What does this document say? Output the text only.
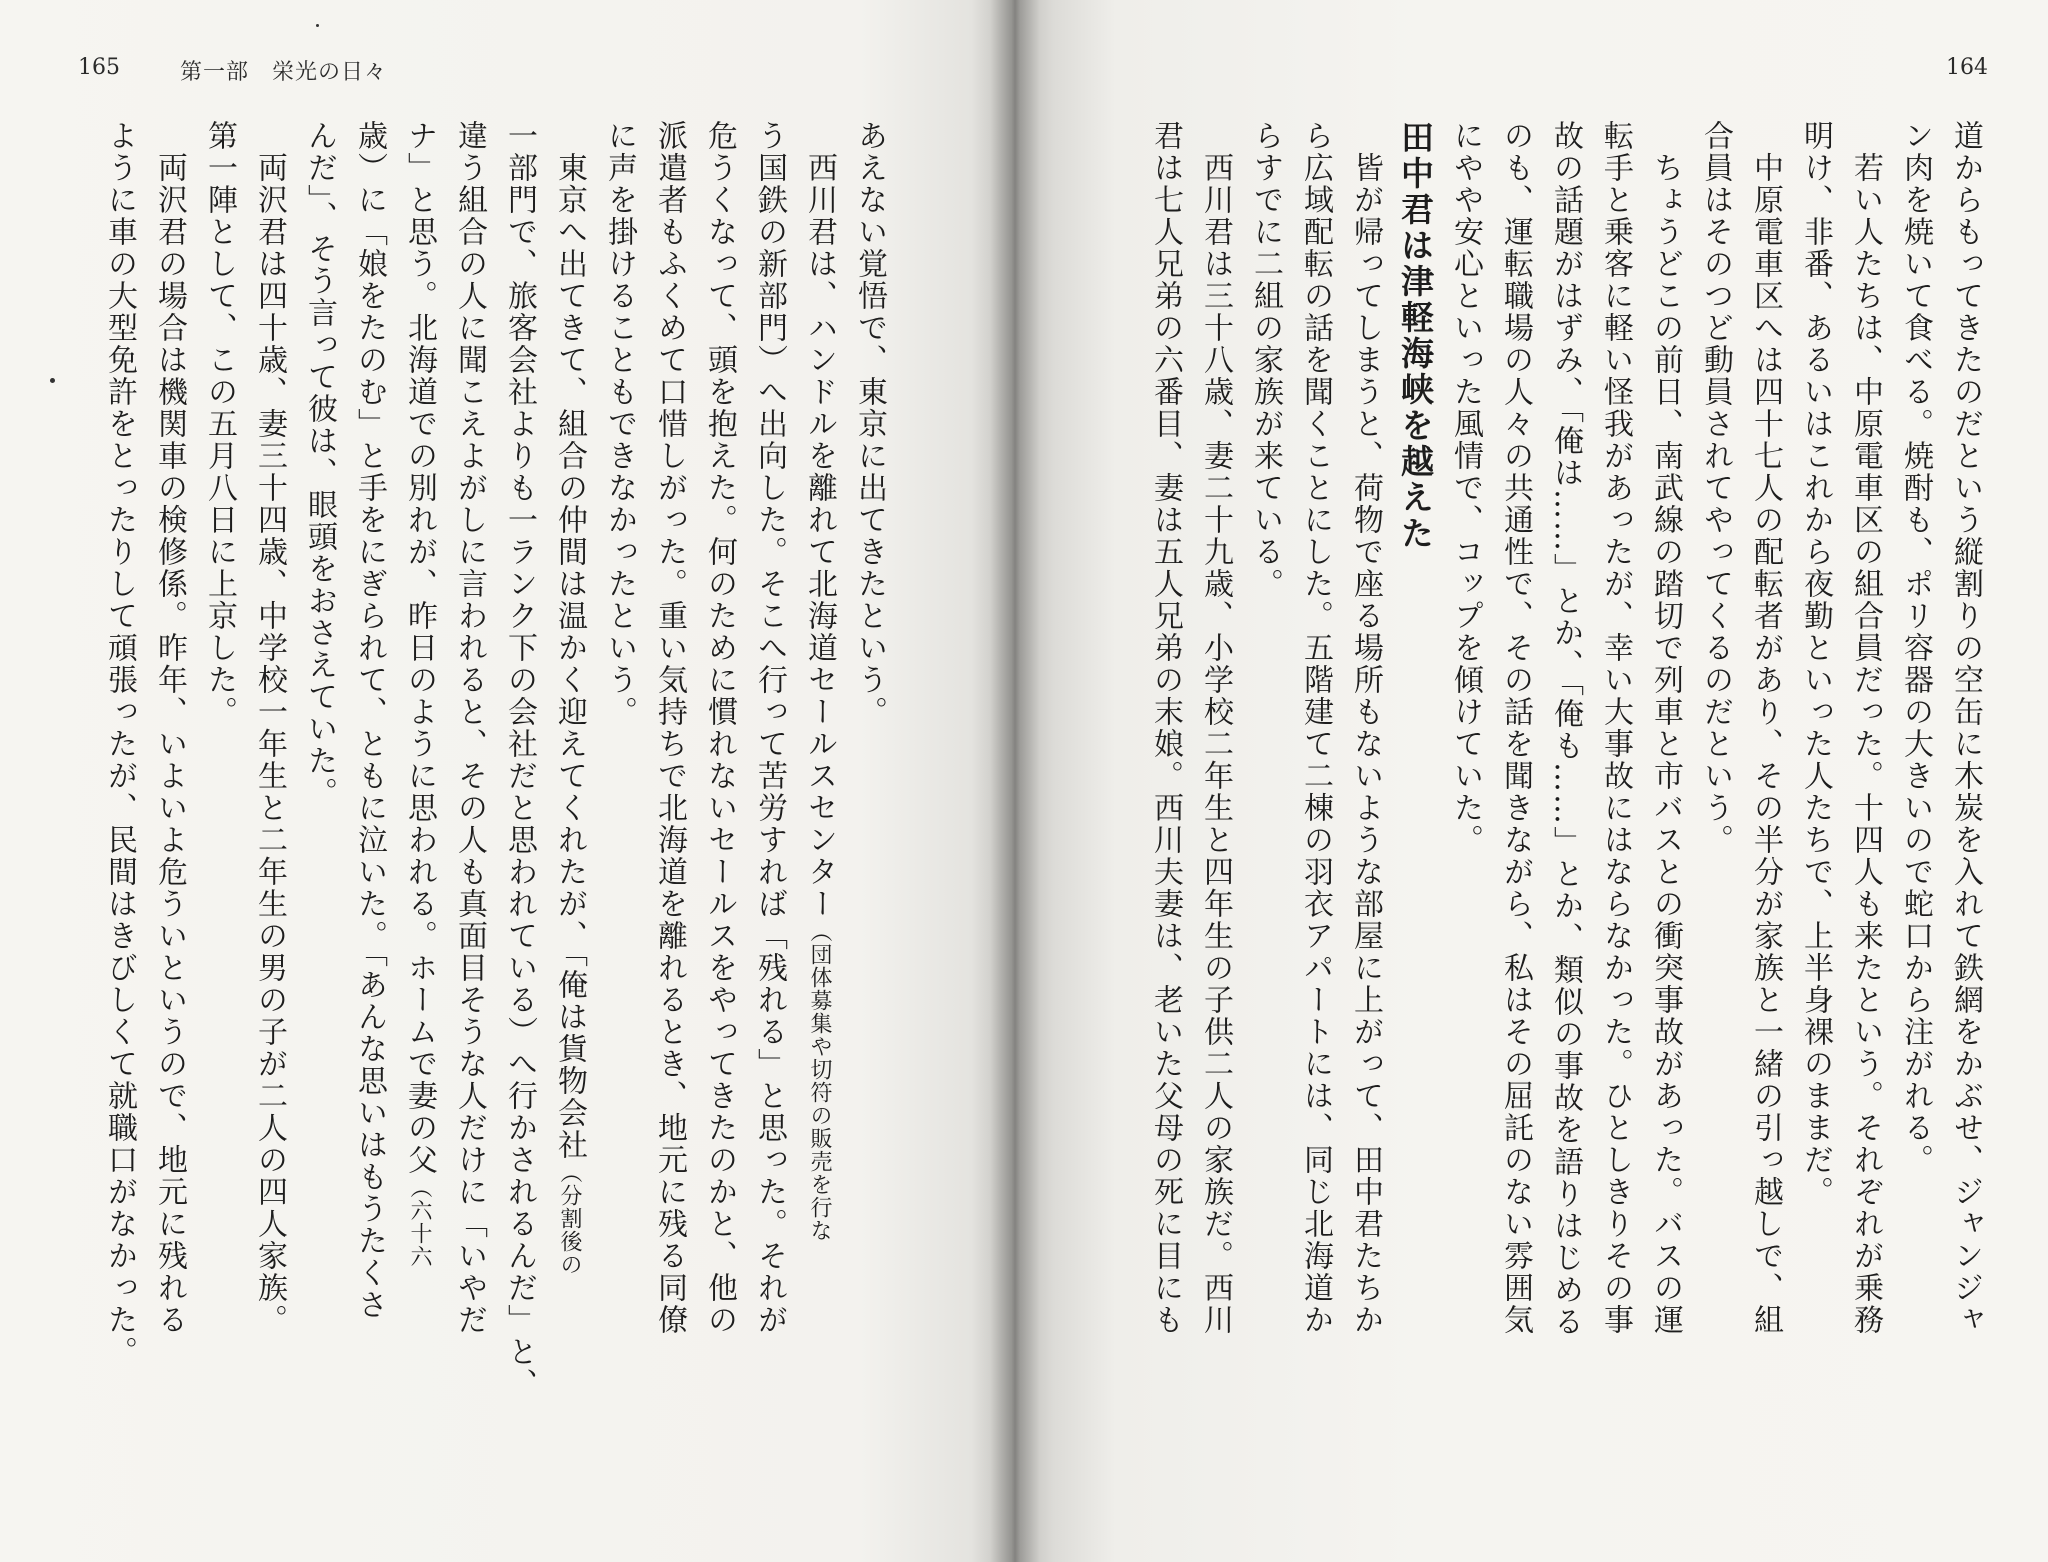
165	第一部　栄光の日々
あえない覚悟で、東京に出てきたという。
　西川君は、ハンドルを離れて北海道セールスセンター（団体募集や切符の販売を行な
う国鉄の新部門）へ出向した。そこへ行って苦労すれば「残れる」と思った。それが
危うくなって、頭を抱えた。何のために慣れないセールスをやってきたのかと、他の
派遣者もふくめて口惜しがった。重い気持ちで北海道を離れるとき、地元に残る同僚
に声を掛けることもできなかったという。
　東京へ出てきて、組合の仲間は温かく迎えてくれたが、「俺は貨物会社（分割後の
一部門で、旅客会社よりも一ランク下の会社だと思われている）へ行かされるんだ」と、
違う組合の人に聞こえよがしに言われると、その人も真面目そうな人だけに「いやだ
ナ」と思う。北海道での別れが、昨日のように思われる。ホームで妻の父（六十六
歳）に「娘をたのむ」と手をにぎられて、ともに泣いた。「あんな思いはもうたくさ
んだ」、そう言って彼は、眼頭をおさえていた。
　両沢君は四十歳、妻三十四歳、中学校一年生と二年生の男の子が二人の四人家族。
第一陣として、この五月八日に上京した。
　両沢君の場合は機関車の検修係。昨年、いよいよ危ういというので、地元に残れる
ように車の大型免許をとったりして頑張ったが、民間はきびしくて就職口がなかった。
164
道からもってきたのだという縦割りの空缶に木炭を入れて鉄網をかぶせ、ジャンジャ
ン肉を焼いて食べる。焼酎も、ポリ容器の大きいので蛇口から注がれる。
　若い人たちは、中原電車区の組合員だった。十四人も来たという。それぞれが乗務
明け、非番、あるいはこれから夜勤といった人たちで、上半身裸のままだ。
　中原電車区へは四十七人の配転者があり、その半分が家族と一緒の引っ越しで、組
合員はそのつど動員されてやってくるのだという。
　ちょうどこの前日、南武線の踏切で列車と市バスとの衝突事故があった。バスの運
転手と乗客に軽い怪我があったが、幸い大事故にはならなかった。ひとしきりその事
故の話題がはずみ、「俺は……」とか、「俺も……」とか、類似の事故を語りはじめる
のも、運転職場の人々の共通性で、その話を聞きながら、私はその屈託のない雰囲気
にやや安心といった風情で、コップを傾けていた。
田中君は津軽海峡を越えた
　皆が帰ってしまうと、荷物で座る場所もないような部屋に上がって、田中君たちか
ら広域配転の話を聞くことにした。五階建て二棟の羽衣アパートには、同じ北海道か
らすでに二組の家族が来ている。
　西川君は三十八歳、妻二十九歳、小学校二年生と四年生の子供二人の家族だ。西川
君は七人兄弟の六番目、妻は五人兄弟の末娘。西川夫妻は、老いた父母の死に目にも
